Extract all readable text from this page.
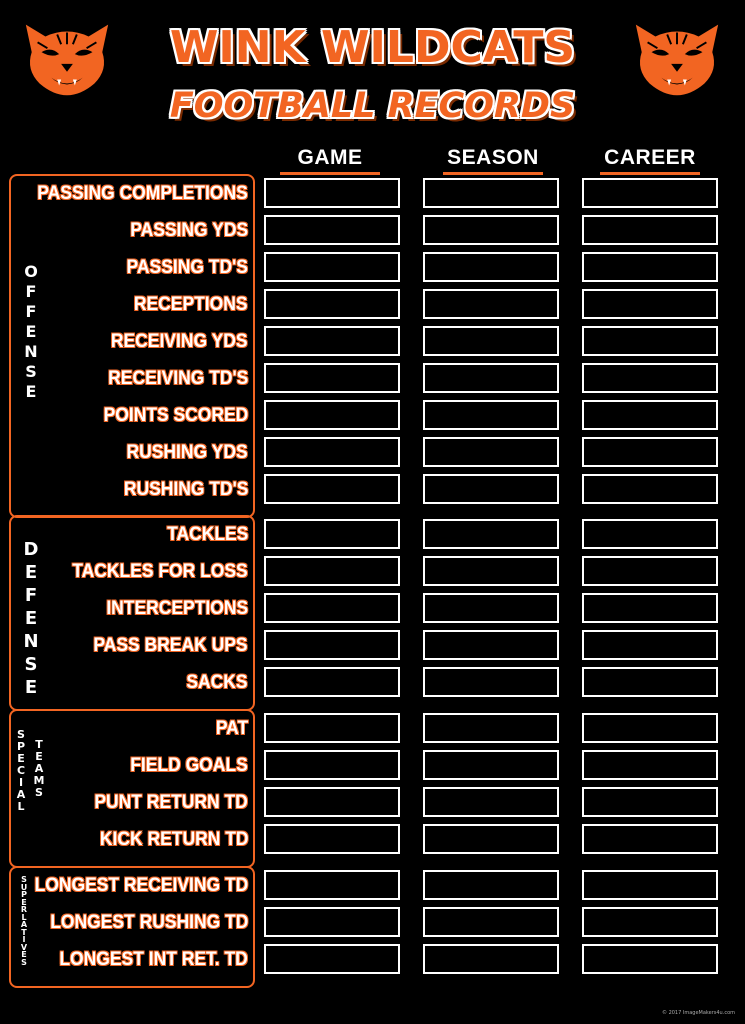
WINK WILDCATS
FOOTBALL RECORDS
GAME	SEASON	CAREER
O
F
F
E
N
S
E
PASSING COMPLETIONS
PASSING YDS
PASSING TD'S
RECEPTIONS
RECEIVING YDS
RECEIVING TD'S
POINTS SCORED
RUSHING YDS
RUSHING TD'S
D
E
F
E
N
S
E
TACKLES
TACKLES FOR LOSS
INTERCEPTIONS
PASS BREAK UPS
SACKS
S
P
E
C
I
A
L
T
E
A
M
S
PAT
FIELD GOALS
PUNT RETURN TD
KICK RETURN TD
S
U
P
E
R
L
A
T
I
V
E
S
LONGEST RECEIVING TD
LONGEST RUSHING TD
LONGEST INT RET. TD
© 2017 ImageMakers4u.com
